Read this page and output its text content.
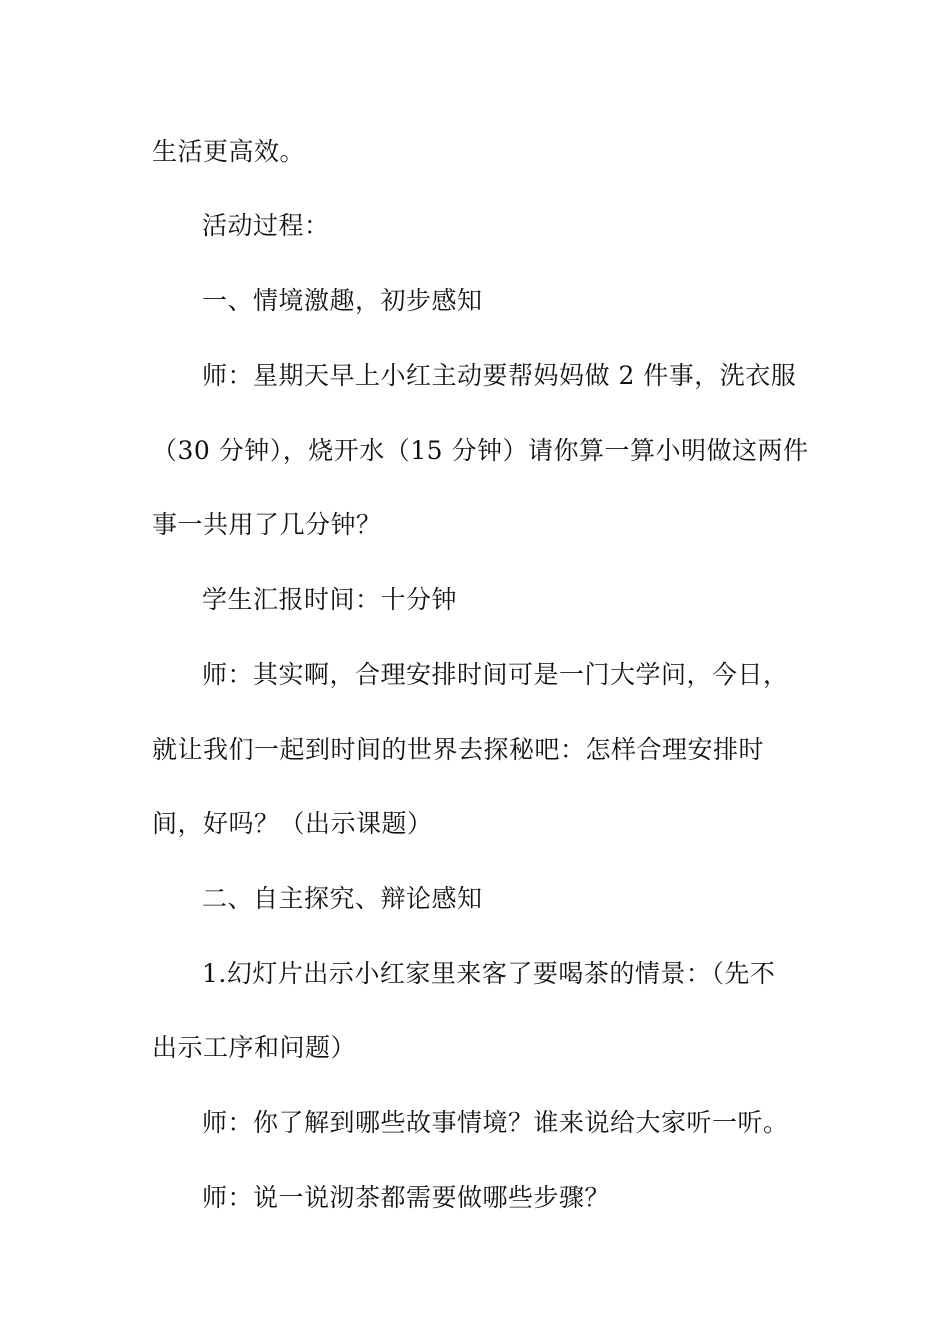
生活更高效。
活动过程：
一、情境激趣，初步感知
师：星期天早上小红主动要帮妈妈做 2 件事，洗衣服
（30 分钟），烧开水（15 分钟）请你算一算小明做这两件
事一共用了几分钟？
学生汇报时间：十分钟
师：其实啊，合理安排时间可是一门大学问，今日，
就让我们一起到时间的世界去探秘吧：怎样合理安排时
间，好吗？（出示课题）
二、自主探究、辩论感知
1.幻灯片出示小红家里来客了要喝茶的情景：（先不
出示工序和问题）
师：你了解到哪些故事情境？谁来说给大家听一听。
师：说一说沏茶都需要做哪些步骤？
